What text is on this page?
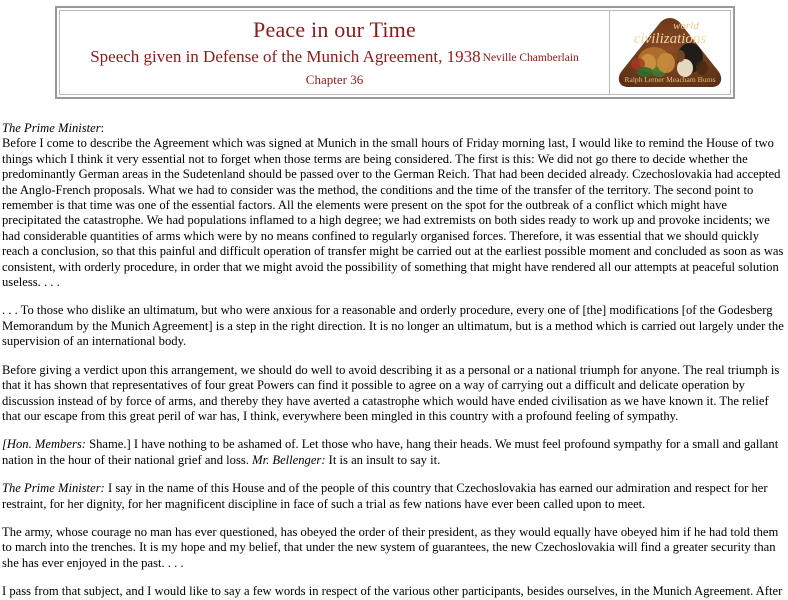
Peace in our Time
Speech given in Defense of the Munich Agreement, 1938 Neville Chamberlain
Chapter 36
world
civilizations
Ralph Lerner Meacham Burns

The Prime Minister:

Before I come to describe the Agreement which was signed at Munich in the small hours of Friday morning last, I would like to remind the House of two things which I think it very essential not to forget when those terms are being considered. The first is this: We did not go there to decide whether the predominantly German areas in the Sudetenland should be passed over to the German Reich. That had been decided already. Czechoslovakia had accepted the Anglo-French proposals. What we had to consider was the method, the conditions and the time of the transfer of the territory. The second point to remember is that time was one of the essential factors. All the elements were present on the spot for the outbreak of a conflict which might have precipitated the catastrophe. We had populations inflamed to a high degree; we had extremists on both sides ready to work up and provoke incidents; we had considerable quantities of arms which were by no means confined to regularly organised forces. Therefore, it was essential that we should quickly reach a conclusion, so that this painful and difficult operation of transfer might be carried out at the earliest possible moment and concluded as soon as was consistent, with orderly procedure, in order that we might avoid the possibility of something that might have rendered all our attempts at peaceful solution useless. . . .

. . . To those who dislike an ultimatum, but who were anxious for a reasonable and orderly procedure, every one of [the] modifications [of the Godesberg Memorandum by the Munich Agreement] is a step in the right direction. It is no longer an ultimatum, but is a method which is carried out largely under the supervision of an international body.

Before giving a verdict upon this arrangement, we should do well to avoid describing it as a personal or a national triumph for anyone. The real triumph is that it has shown that representatives of four great Powers can find it possible to agree on a way of carrying out a difficult and delicate operation by discussion instead of by force of arms, and thereby they have averted a catastrophe which would have ended civilisation as we have known it. The relief that our escape from this great peril of war has, I think, everywhere been mingled in this country with a profound feeling of sympathy.

[Hon. Members: Shame.] I have nothing to be ashamed of. Let those who have, hang their heads. We must feel profound sympathy for a small and gallant nation in the hour of their national grief and loss. Mr. Bellenger: It is an insult to say it.

The Prime Minister: I say in the name of this House and of the people of this country that Czechoslovakia has earned our admiration and respect for her restraint, for her dignity, for her magnificent discipline in face of such a trial as few nations have ever been called upon to meet.

The army, whose courage no man has ever questioned, has obeyed the order of their president, as they would equally have obeyed him if he had told them to march into the trenches. It is my hope and my belief, that under the new system of guarantees, the new Czechoslovakia will find a greater security than she has ever enjoyed in the past. . . .

I pass from that subject, and I would like to say a few words in respect of the various other participants, besides ourselves, in the Munich Agreement. After
